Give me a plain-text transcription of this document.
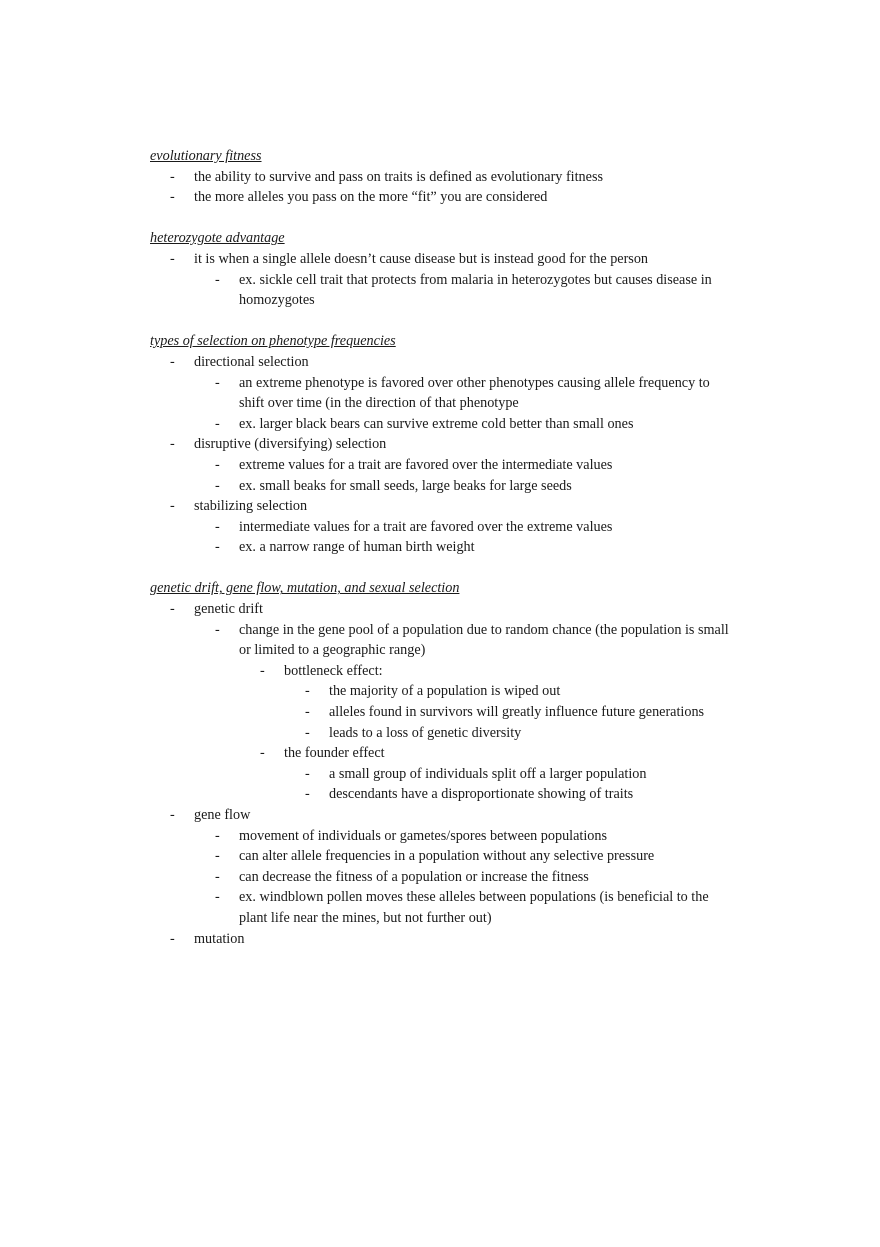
evolutionary fitness
-	the ability to survive and pass on traits is defined as evolutionary fitness
-	the more alleles you pass on the more “fit” you are considered
heterozygote advantage
-	it is when a single allele doesn’t cause disease but is instead good for the person
-	ex. sickle cell trait that protects from malaria in heterozygotes but causes disease in homozygotes
types of selection on phenotype frequencies
-	directional selection
-	an extreme phenotype is favored over other phenotypes causing allele frequency to shift over time (in the direction of that phenotype
-	ex. larger black bears can survive extreme cold better than small ones
-	disruptive (diversifying) selection
-	extreme values for a trait are favored over the intermediate values
-	ex. small beaks for small seeds, large beaks for large seeds
-	stabilizing selection
-	intermediate values for a trait are favored over the extreme values
-	ex. a narrow range of human birth weight
genetic drift, gene flow, mutation, and sexual selection
-	genetic drift
-	change in the gene pool of a population due to random chance (the population is small or limited to a geographic range)
-	bottleneck effect:
-	the majority of a population is wiped out
-	alleles found in survivors will greatly influence future generations
-	leads to a loss of genetic diversity
-	the founder effect
-	a small group of individuals split off a larger population
-	descendants have a disproportionate showing of traits
-	gene flow
-	movement of individuals or gametes/spores between populations
-	can alter allele frequencies in a population without any selective pressure
-	can decrease the fitness of a population or increase the fitness
-	ex. windblown pollen moves these alleles between populations (is beneficial to the plant life near the mines, but not further out)
-	mutation
